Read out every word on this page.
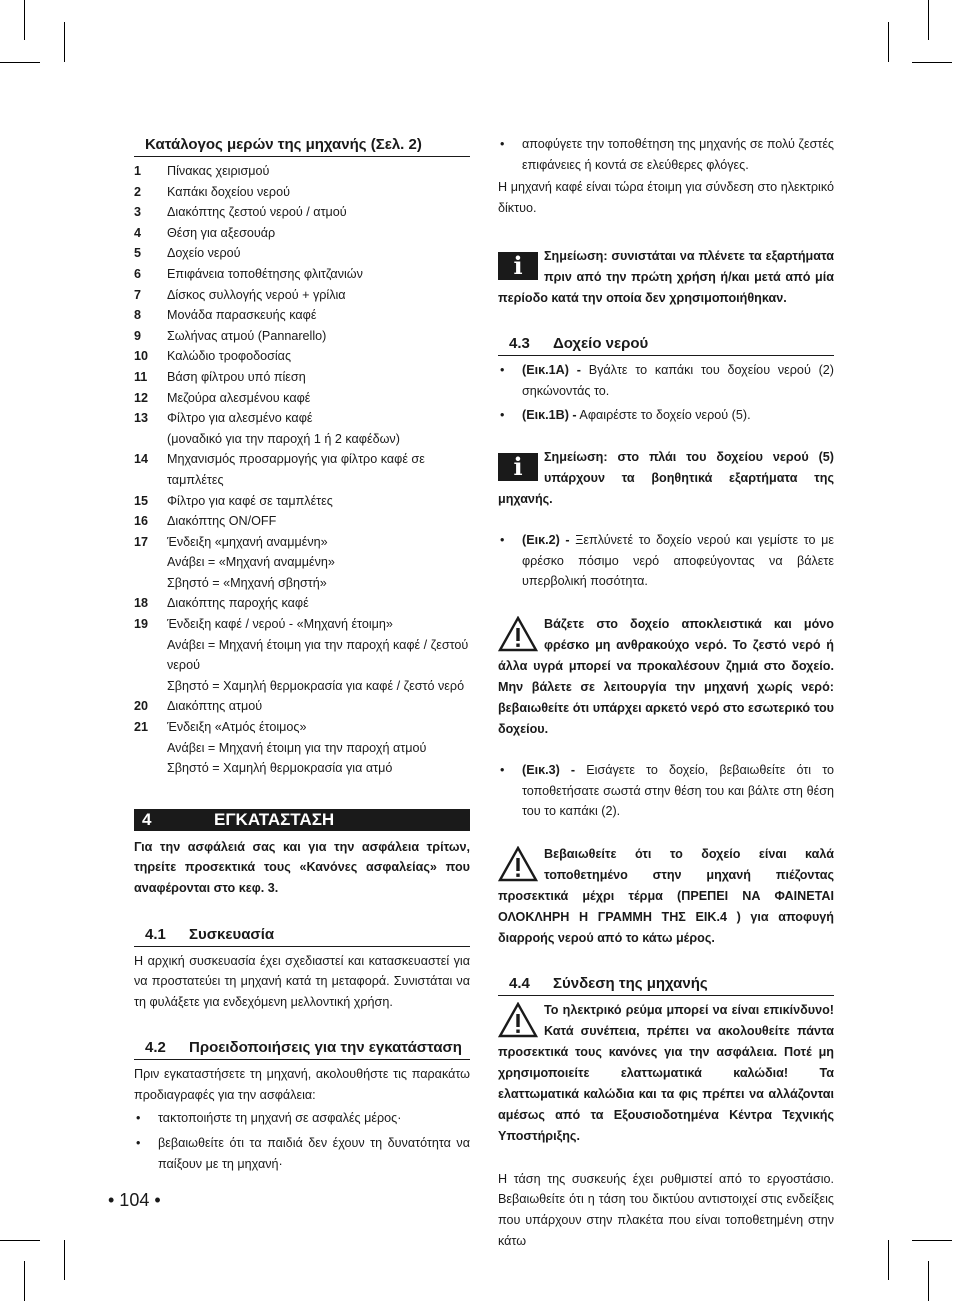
Κατάλογος μερών της μηχανής (Σελ. 2)
1	Πίνακας χειρισμού
2	Καπάκι δοχείου νερού
3	Διακόπτης ζεστού νερού / ατμού
4	Θέση για αξεσουάρ
5	Δοχείο νερού
6	Επιφάνεια τοποθέτησης φλιτζανιών
7	Δίσκος συλλογής νερού + γρίλια
8	Μονάδα παρασκευής καφέ
9	Σωλήνας ατμού (Pannarello)
10	Καλώδιο τροφοδοσίας
11	Βάση φίλτρου υπό πίεση
12	Μεζούρα αλεσμένου καφέ
13	Φίλτρο για αλεσμένο καφέ
(μοναδικό για την παροχή 1 ή 2 καφέδων)
14	Μηχανισμός προσαρμογής για φίλτρο καφέ σε ταμπλέτες
15	Φίλτρο για καφέ σε ταμπλέτες
16	Διακόπτης ON/OFF
17	Ένδειξη «μηχανή αναμμένη»
Ανάβει = «Μηχανή αναμμένη»
Σβηστό = «Μηχανή σβηστή»
18	Διακόπτης παροχής καφέ
19	Ένδειξη καφέ / νερού - «Μηχανή έτοιμη»
Ανάβει = Μηχανή έτοιμη για την παροχή καφέ / ζεστού νερού
Σβηστό = Χαμηλή θερμοκρασία για καφέ / ζεστό νερό
20	Διακόπτης ατμού
21	Ένδειξη «Ατμός έτοιμος»
Ανάβει = Μηχανή έτοιμη για την παροχή ατμού
Σβηστό = Χαμηλή θερμοκρασία για ατμό
4	ΕΓΚΑΤΑΣΤΑΣΗ
Για την ασφάλειά σας και για την ασφάλεια τρίτων, τηρείτε προσεκτικά τους «Κανόνες ασφαλείας» που αναφέρονται στο κεφ. 3.
4.1	Συσκευασία
Η αρχική συσκευασία έχει σχεδιαστεί και κατασκευαστεί για να προστατεύει τη μηχανή κατά τη μεταφορά. Συνιστάται να τη φυλάξετε για ενδεχόμενη μελλοντική χρήση.
4.2	Προειδοποιήσεις για την εγκατάσταση
Πριν εγκαταστήσετε τη μηχανή, ακολουθήστε τις παρακάτω προδιαγραφές για την ασφάλεια:
•	τακτοποιήστε τη μηχανή σε ασφαλές μέρος·
•	βεβαιωθείτε ότι τα παιδιά δεν έχουν τη δυνατότητα να παίξουν με τη μηχανή·
•	αποφύγετε την τοποθέτηση της μηχανής σε πολύ ζεστές επιφάνειες ή κοντά σε ελεύθερες φλόγες.
Η μηχανή καφέ είναι τώρα έτοιμη για σύνδεση στο ηλεκτρικό δίκτυο.
i	Σημείωση: συνιστάται να πλένετε τα εξαρτήματα πριν από την πρώτη χρήση ή/και μετά από μία περίοδο κατά την οποία δεν χρησιμοποιήθηκαν.
4.3	Δοχείο νερού
•	(Εικ.1A) - Βγάλτε το καπάκι του δοχείου νερού (2) σηκώνοντάς το.
•	(Εικ.1B) - Αφαιρέστε το δοχείο νερού (5).
i	Σημείωση: στο πλάι του δοχείου νερού (5) υπάρχουν τα βοηθητικά εξαρτήματα της μηχανής.
•	(Εικ.2) - Ξεπλύνετέ το δοχείο νερού και γεμίστε το με φρέσκο πόσιμο νερό αποφεύγοντας να βάλετε υπερβολική ποσότητα.
Βάζετε στο δοχείο αποκλειστικά και μόνο φρέσκο μη ανθρακούχο νερό. Το ζεστό νερό ή άλλα υγρά μπορεί να προκαλέσουν ζημιά στο δοχείο. Μην βάλετε σε λειτουργία την μηχανή χωρίς νερό: βεβαιωθείτε ότι υπάρχει αρκετό νερό στο εσωτερικό του δοχείου.
•	(Εικ.3) - Εισάγετε το δοχείο, βεβαιωθείτε ότι το τοποθετήσατε σωστά στην θέση του και βάλτε στη θέση του το καπάκι (2).
Βεβαιωθείτε ότι το δοχείο είναι καλά τοποθετημένο στην μηχανή πιέζοντας προσεκτικά μέχρι τέρμα (ΠΡΕΠΕΙ ΝΑ ΦΑΙΝΕΤΑΙ ΟΛΟΚΛΗΡΗ Η ΓΡΑΜΜΗ ΤΗΣ ΕΙΚ.4 ) για αποφυγή διαρροής νερού από το κάτω μέρος.
4.4	Σύνδεση της μηχανής
Το ηλεκτρικό ρεύμα μπορεί να είναι επικίνδυνο! Κατά συνέπεια, πρέπει να ακολουθείτε πάντα προσεκτικά τους κανόνες για την ασφάλεια. Ποτέ μη χρησιμοποιείτε ελαττωματικά καλώδια! Τα ελαττωματικά καλώδια και τα φις πρέπει να αλλάζονται αμέσως από τα Εξουσιοδοτημένα Κέντρα Τεχνικής Υποστήριξης.
Η τάση της συσκευής έχει ρυθμιστεί από το εργοστάσιο. Βεβαιωθείτε ότι η τάση του δικτύου αντιστοιχεί στις ενδείξεις που υπάρχουν στην πλακέτα που είναι τοποθετημένη στην κάτω
• 104 •
